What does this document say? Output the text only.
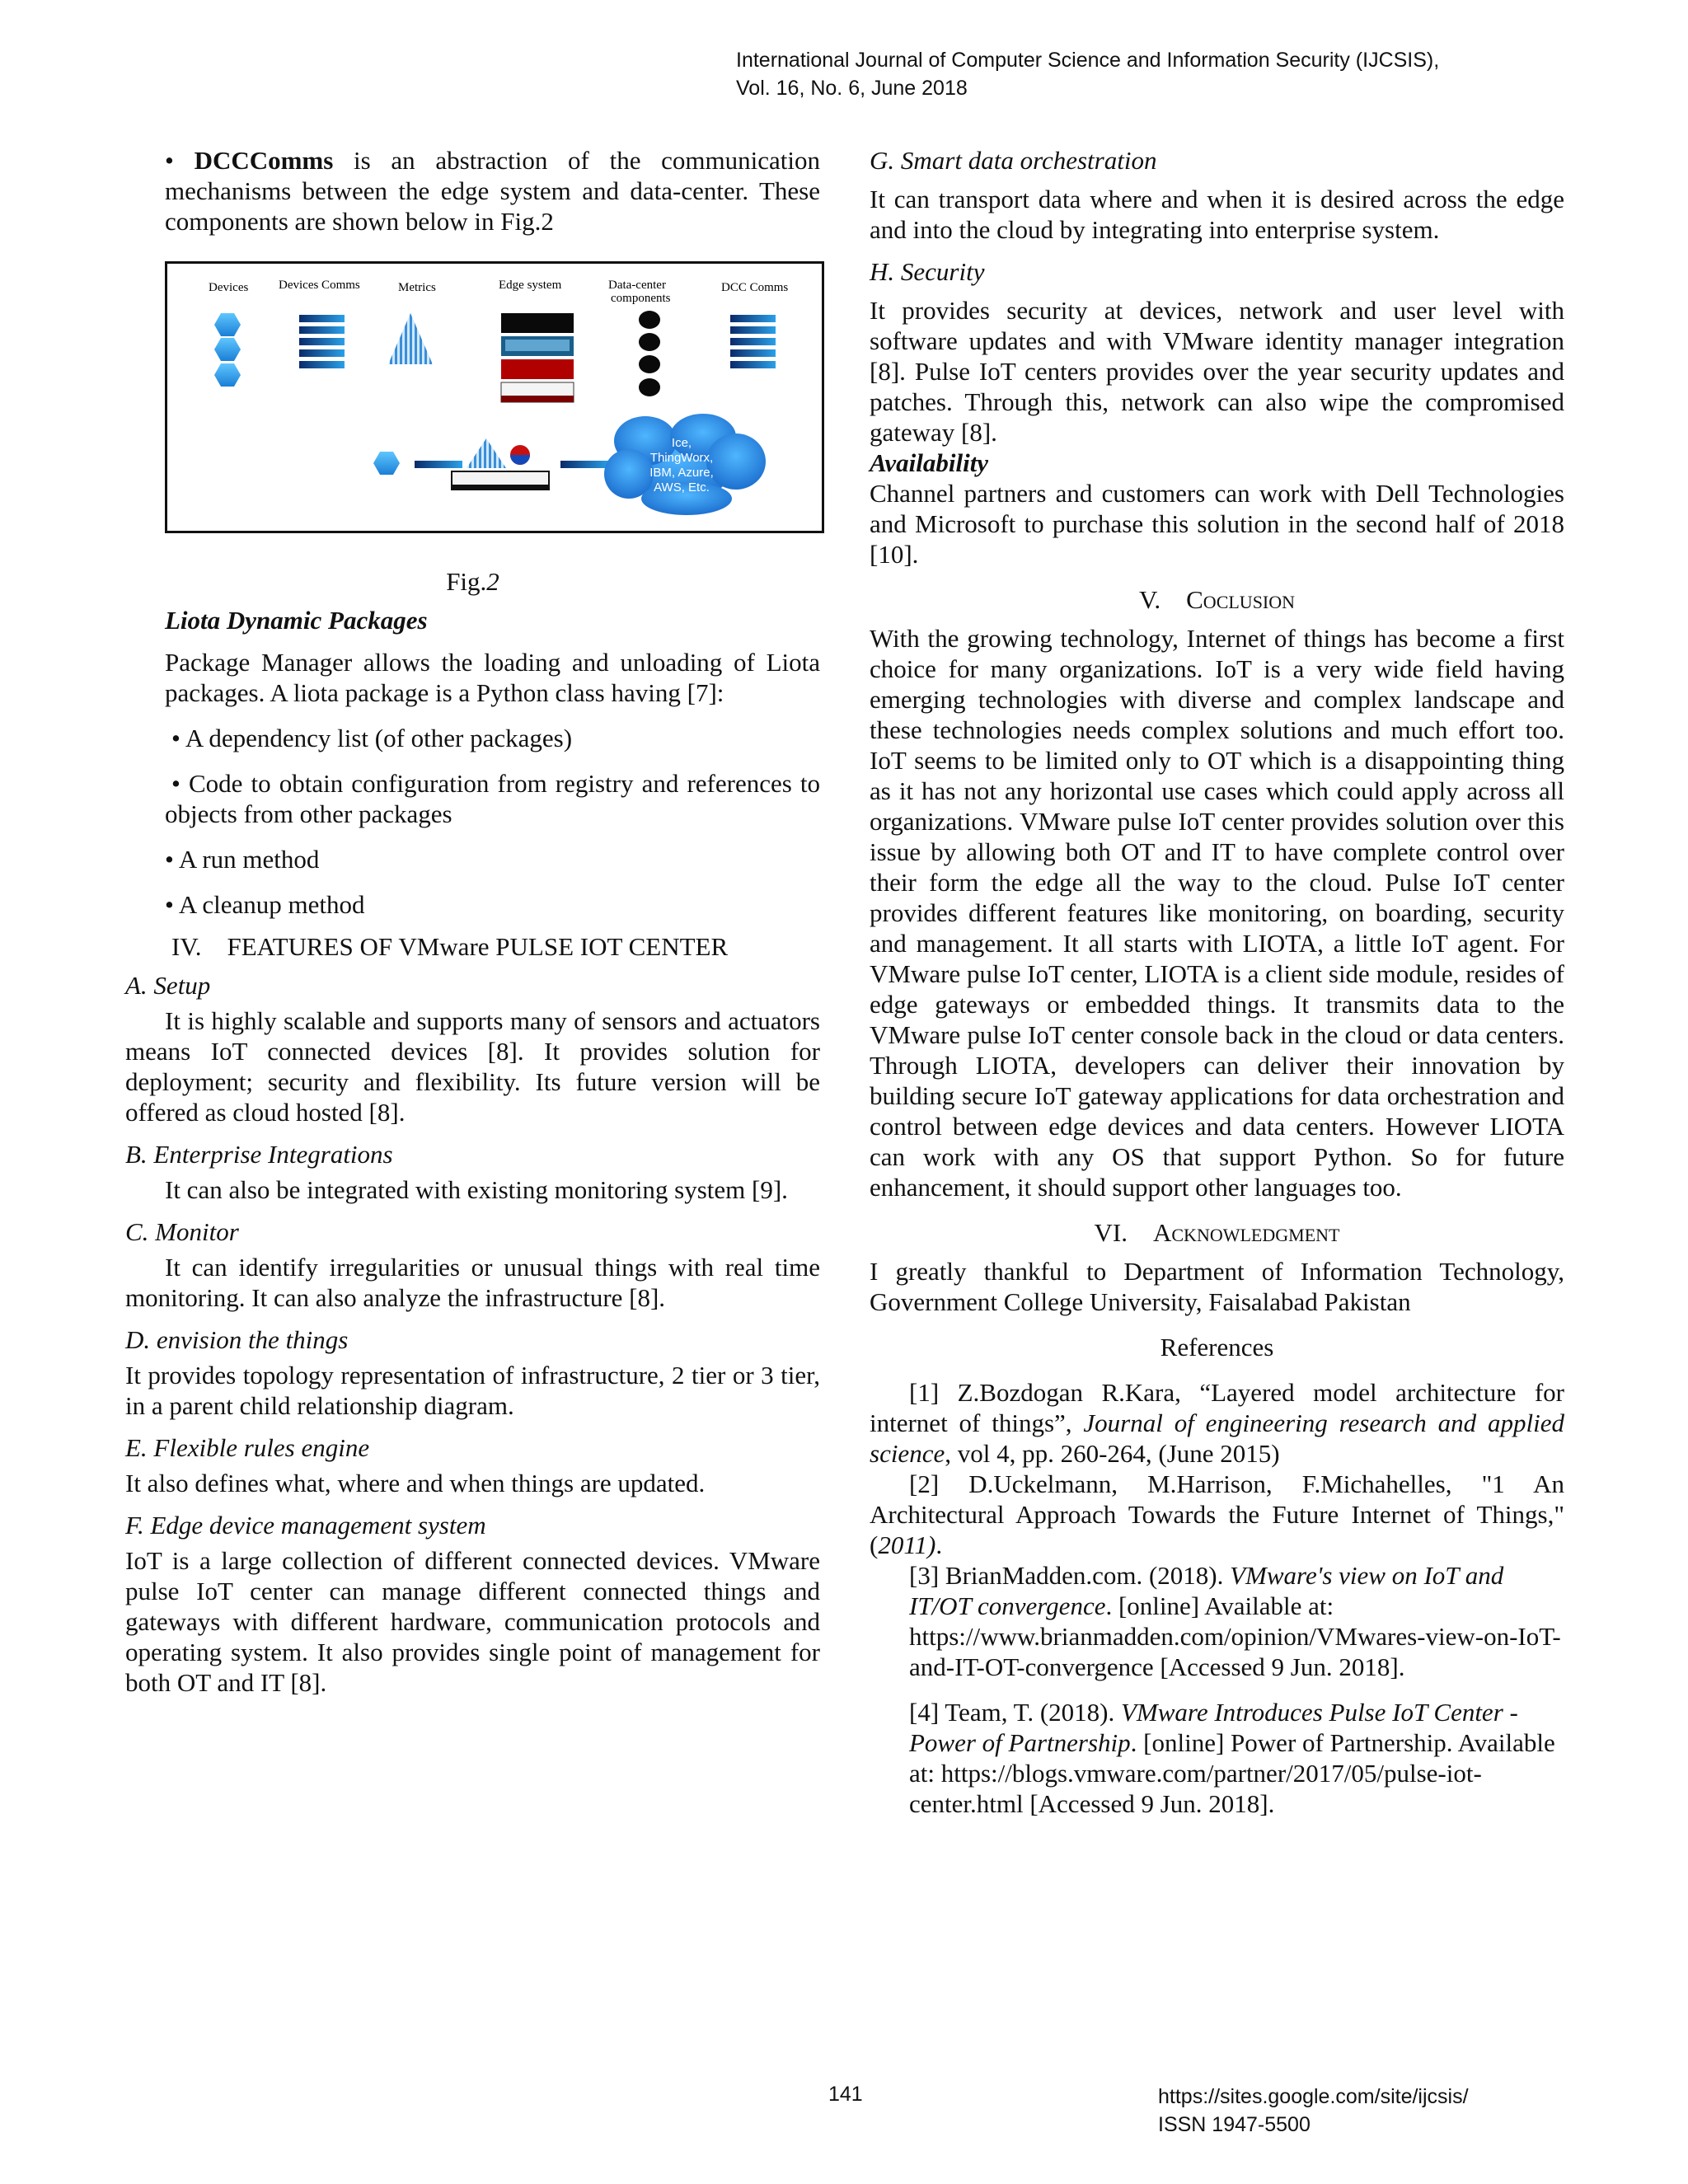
International Journal of Computer Science and Information Security (IJCSIS),
Vol. 16, No. 6, June 2018

• DCCComms is an abstraction of the communication mechanisms between the edge system and data-center. These components are shown below in Fig.2

Devices Devices Comms	Metrics	Edge system	Data-center
components
DCC Comms
Ice,
ThingWorx,
IBM, Azure,
AWS, Etc.

Fig.2

Liota Dynamic Packages

Package Manager allows the loading and unloading of Liota packages. A liota package is a Python class having [7]:

• A dependency list (of other packages)

• Code to obtain configuration from registry and references to objects from other packages

• A run method

• A cleanup method

IV. FEATURES OF VMware PULSE IOT CENTER

A. Setup

It is highly scalable and supports many of sensors and actuators means IoT connected devices [8]. It provides solution for deployment; security and flexibility. Its future version will be offered as cloud hosted [8].

B. Enterprise Integrations

It can also be integrated with existing monitoring system [9].

C. Monitor

It can identify irregularities or unusual things with real time monitoring. It can also analyze the infrastructure [8].

D. envision the things

It provides topology representation of infrastructure, 2 tier or 3 tier, in a parent child relationship diagram.

E. Flexible rules engine

It also defines what, where and when things are updated.

F. Edge device management system

IoT is a large collection of different connected devices. VMware pulse IoT center can manage different connected things and gateways with different hardware, communication protocols and operating system. It also provides single point of management for both OT and IT [8].

G. Smart data orchestration

It can transport data where and when it is desired across the edge and into the cloud by integrating into enterprise system.

H. Security

It provides security at devices, network and user level with software updates and with VMware identity manager integration [8]. Pulse IoT centers provides over the year security updates and patches. Through this, network can also wipe the compromised gateway [8].

Availability

Channel partners and customers can work with Dell Technologies and Microsoft to purchase this solution in the second half of 2018 [10].

V. Coclusion

With the growing technology, Internet of things has become a first choice for many organizations. IoT is a very wide field having emerging technologies with diverse and complex landscape and these technologies needs complex solutions and much effort too. IoT seems to be limited only to OT which is a disappointing thing as it has not any horizontal use cases which could apply across all organizations. VMware pulse IoT center provides solution over this issue by allowing both OT and IT to have complete control over their form the edge all the way to the cloud. Pulse IoT center provides different features like monitoring, on boarding, security and management. It all starts with LIOTA, a little IoT agent. For VMware pulse IoT center, LIOTA is a client side module, resides of edge gateways or embedded things. It transmits data to the VMware pulse IoT center console back in the cloud or data centers. Through LIOTA, developers can deliver their innovation by building secure IoT gateway applications for data orchestration and control between edge devices and data centers. However LIOTA can work with any OS that support Python. So for future enhancement, it should support other languages too.

VI. Acknowledgment

I greatly thankful to Department of Information Technology, Government College University, Faisalabad Pakistan

References

[1] Z.Bozdogan R.Kara, “Layered model architecture for internet of things”, Journal of engineering research and applied science, vol 4, pp. 260-264, (June 2015)

[2] D.Uckelmann, M.Harrison, F.Michahelles, "1 An Architectural Approach Towards the Future Internet of Things,"(2011).

[3] BrianMadden.com. (2018). VMware's view on IoT and IT/OT convergence. [online] Available at: https://www.brianmadden.com/opinion/VMwares-view-on-IoT-and-IT-OT-convergence [Accessed 9 Jun. 2018].

[4] Team, T. (2018). VMware Introduces Pulse IoT Center - Power of Partnership. [online] Power of Partnership. Available at: https://blogs.vmware.com/partner/2017/05/pulse-iot-center.html [Accessed 9 Jun. 2018].

141	https://sites.google.com/site/ijcsis/
ISSN 1947-5500
